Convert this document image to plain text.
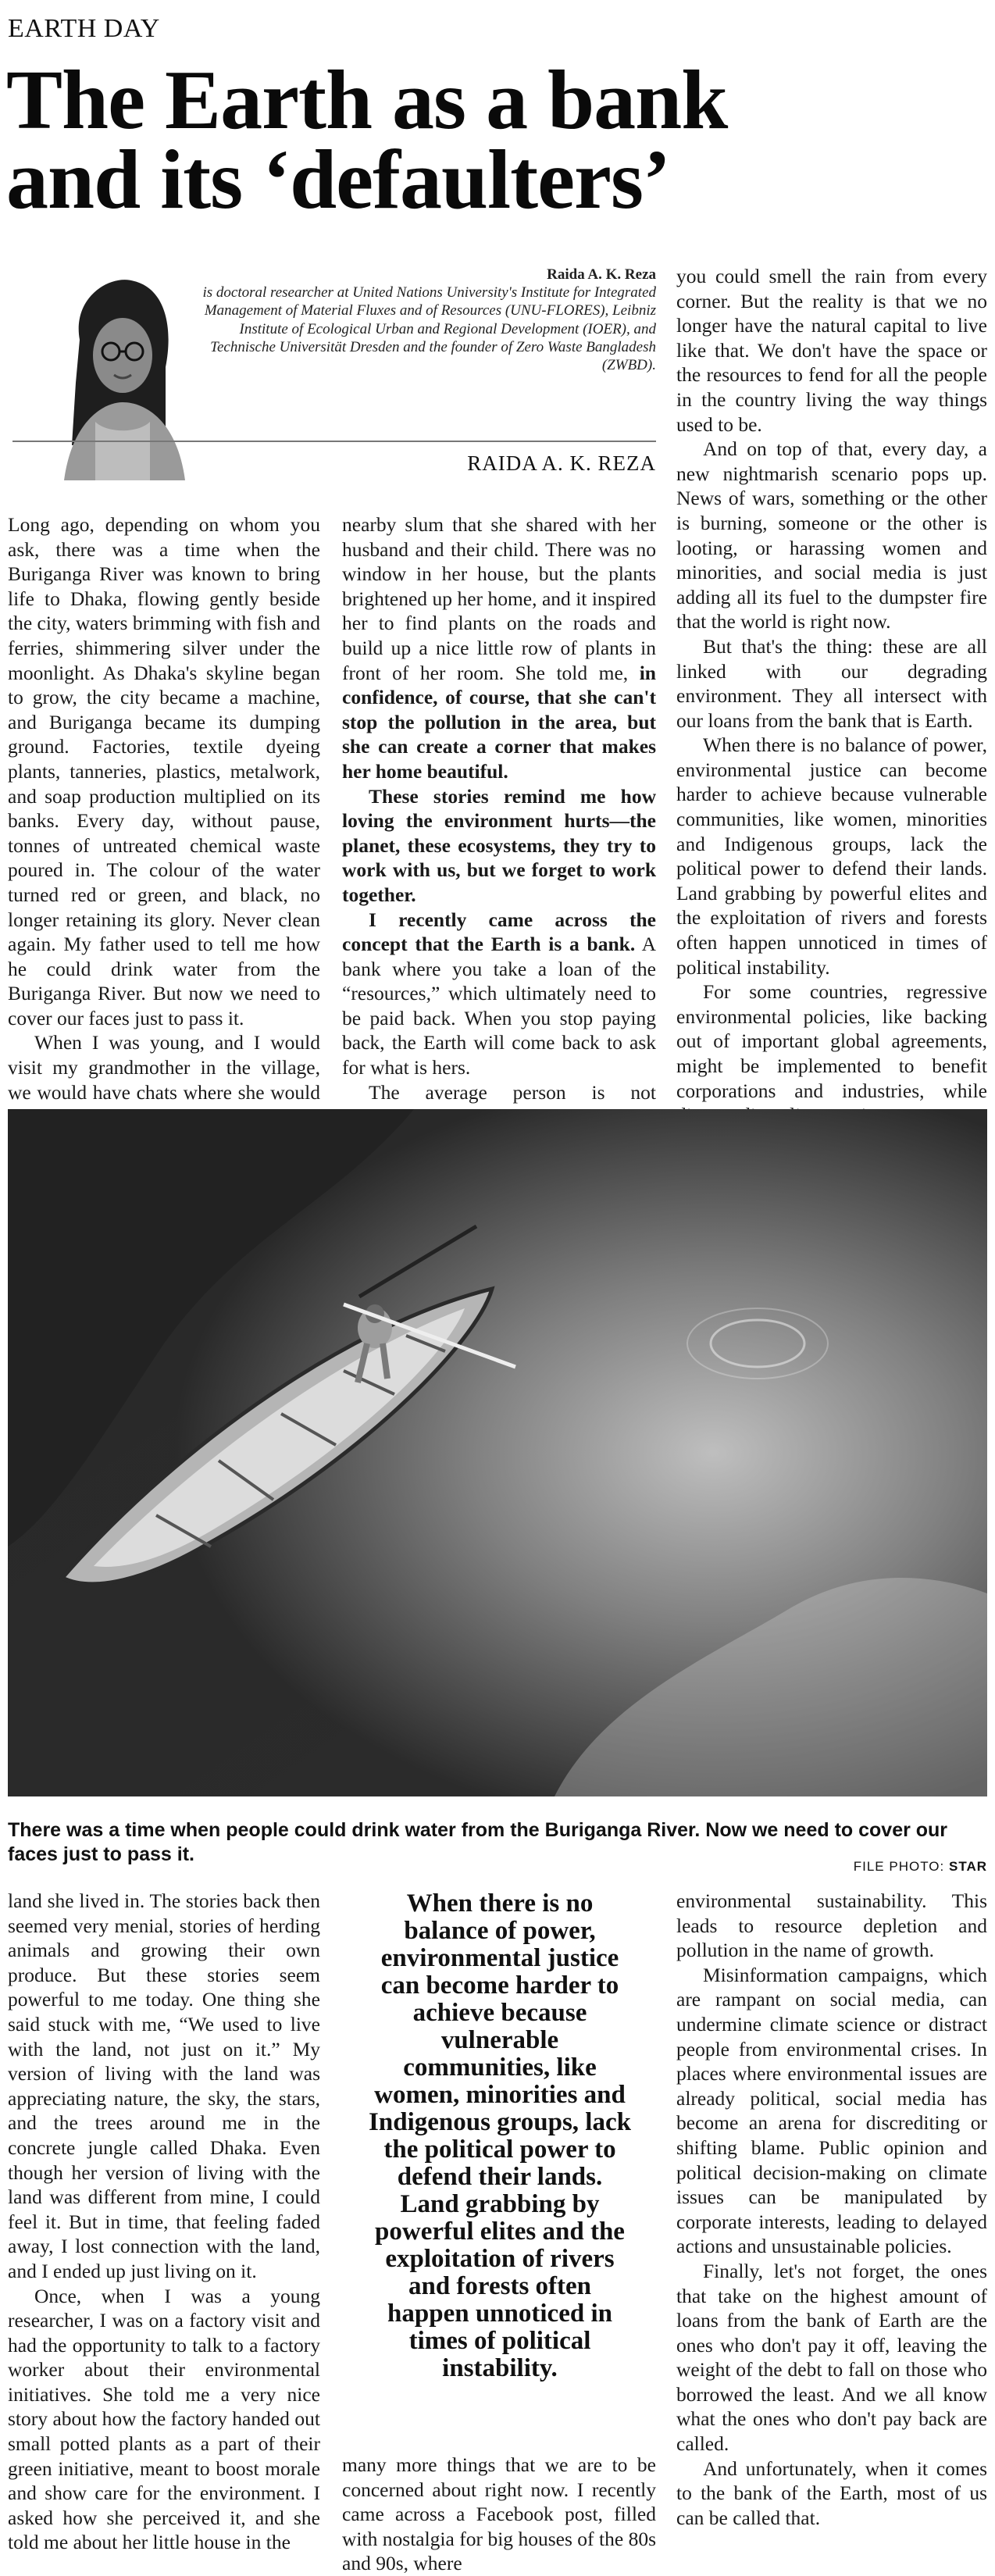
EARTH DAY
The Earth as a bank and its ‘defaulters’
Raida A. K. Reza
is doctoral researcher at United Nations University's Institute for Integrated Management of Material Fluxes and of Resources (UNU-FLORES), Leibniz Institute of Ecological Urban and Regional Development (IOER), and Technische Universität Dresden and the founder of Zero Waste Bangladesh (ZWBD).
RAIDA A. K. REZA

Long ago, depending on whom you ask, there was a time when the Buriganga River was known to bring life to Dhaka, flowing gently beside the city, waters brimming with fish and ferries, shimmering silver under the moonlight. As Dhaka's skyline began to grow, the city became a machine, and Buriganga became its dumping ground. Factories, textile dyeing plants, tanneries, plastics, metalwork, and soap production multiplied on its banks. Every day, without pause, tonnes of untreated chemical waste poured in. The colour of the water turned red or green, and black, no longer retaining its glory. Never clean again. My father used to tell me how he could drink water from the Buriganga River. But now we need to cover our faces just to pass it.

When I was young, and I would visit my grandmother in the village, we would have chats where she would

nearby slum that she shared with her husband and their child. There was no window in her house, but the plants brightened up her home, and it inspired her to find plants on the roads and build up a nice little row of plants in front of her room. She told me, in confidence, of course, that she can't stop the pollution in the area, but she can create a corner that makes her home beautiful.

These stories remind me how loving the environment hurts—the planet, these ecosystems, they try to work with us, but we forget to work together.

I recently came across the concept that the Earth is a bank. A bank where you take a loan of the “resources,” which ultimately need to be paid back. When you stop paying back, the Earth will come back to ask for what is hers.

The average person is not

you could smell the rain from every corner. But the reality is that we no longer have the natural capital to live like that. We don't have the space or the resources to fend for all the people in the country living the way things used to be.

And on top of that, every day, a new nightmarish scenario pops up. News of wars, something or the other is burning, someone or the other is looting, or harassing women and minorities, and social media is just adding all its fuel to the dumpster fire that the world is right now.

But that's the thing: these are all linked with our degrading environment. They all intersect with our loans from the bank that is Earth.

When there is no balance of power, environmental justice can become harder to achieve because vulnerable communities, like women, minorities and Indigenous groups, lack the political power to defend their lands. Land grabbing by powerful elites and the exploitation of rivers and forests often happen unnoticed in times of political instability.

For some countries, regressive environmental policies, like backing out of important global agreements, might be implemented to benefit corporations and industries, while

There was a time when people could drink water from the Buriganga River. Now we need to cover our faces just to pass it.
FILE PHOTO: STAR

land she lived in. The stories back then seemed very menial, stories of herding animals and growing their own produce. But these stories seem powerful to me today. One thing she said stuck with me, “We used to live with the land, not just on it.” My version of living with the land was appreciating nature, the sky, the stars, and the trees around me in the concrete jungle called Dhaka. Even though her version of living with the land was different from mine, I could feel it. But in time, that feeling faded away, I lost connection with the land, and I ended up just living on it.

Once, when I was a young researcher, I was on a factory visit and had the opportunity to talk to a factory worker about their environmental initiatives. She told me a very nice story about how the factory handed out small potted plants as a part of their green initiative, meant to boost morale and show care for the environment. I asked how she perceived it, and she told me about her little house in the

When there is no balance of power, environmental justice can become harder to achieve because vulnerable communities, like women, minorities and Indigenous groups, lack the political power to defend their lands. Land grabbing by powerful elites and the exploitation of rivers and forests often happen unnoticed in times of political instability.

many more things that we are to be concerned about right now. I recently came across a Facebook post, filled with nostalgia for big houses of the 80s and 90s, where

environmental sustainability. This leads to resource depletion and pollution in the name of growth.

Misinformation campaigns, which are rampant on social media, can undermine climate science or distract people from environmental crises. In places where environmental issues are already political, social media has become an arena for discrediting or shifting blame. Public opinion and political decision-making on climate issues can be manipulated by corporate interests, leading to delayed actions and unsustainable policies.

Finally, let's not forget, the ones that take on the highest amount of loans from the bank of Earth are the ones who don't pay it off, leaving the weight of the debt to fall on those who borrowed the least. And we all know what the ones who don't pay back are called.

And unfortunately, when it comes to the bank of the Earth, most of us can be called that.
